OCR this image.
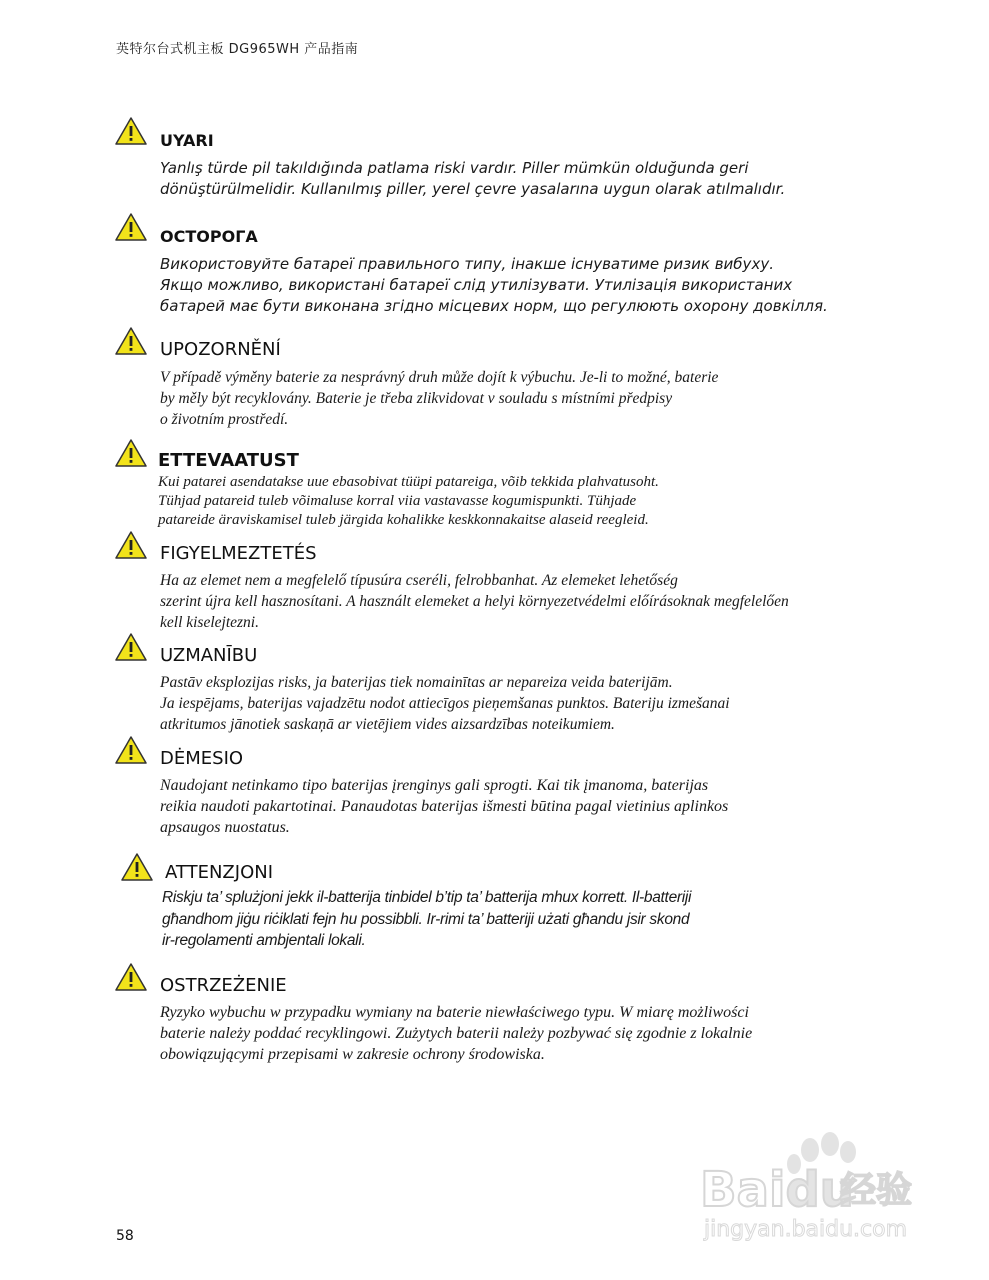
英特尔台式机主板 DG965WH 产品指南
UYARI
Yanlış türde pil takıldığında patlama riski vardır. Piller mümkün olduğunda geri
dönüştürülmelidir. Kullanılmış piller, yerel çevre yasalarına uygun olarak atılmalıdır.
ОСТОРОГА
Використовуйте батареї правильного типу, інакше існуватиме ризик вибуху.
Якщо можливо, використані батареї слід утилізувати. Утилізація використаних
батарей має бути виконана згідно місцевих норм, що регулюють охорону довкілля.
UPOZORNĚNÍ
V případě výměny baterie za nesprávný druh může dojít k výbuchu. Je-li to možné, baterie
by měly být recyklovány. Baterie je třeba zlikvidovat v souladu s místními předpisy
o životním prostředí.
ETTEVAATUST
Kui patarei asendatakse uue ebasobivat tüüpi patareiga, võib tekkida plahvatusoht.
Tühjad patareid tuleb võimaluse korral viia vastavasse kogumispunkti. Tühjade
patareide äraviskamisel tuleb järgida kohalikke keskkonnakaitse alaseid reegleid.
FIGYELMEZTETÉS
Ha az elemet nem a megfelelő típusúra cseréli, felrobbanhat. Az elemeket lehetőség
szerint újra kell hasznosítani. A használt elemeket a helyi környezetvédelmi előírásoknak megfelelően
kell kiselejtezni.
UZMANĪBU
Pastāv eksplozijas risks, ja baterijas tiek nomainītas ar nepareiza veida baterijām.
Ja iespējams, baterijas vajadzētu nodot attiecīgos pieņemšanas punktos. Bateriju izmešanai
atkritumos jānotiek saskaņā ar vietējiem vides aizsardzības noteikumiem.
DĖMESIO
Naudojant netinkamo tipo baterijas įrenginys gali sprogti. Kai tik įmanoma, baterijas
reikia naudoti pakartotinai. Panaudotas baterijas išmesti būtina pagal vietinius aplinkos
apsaugos nuostatus.
ATTENZJONI
Riskju ta’ splużjoni jekk il-batterija tinbidel b’tip ta’ batterija mhux korrett. Il-batteriji
għandhom jiġu riċiklati fejn hu possibbli. Ir-rimi ta’ batteriji użati għandu jsir skond
ir-regolamenti ambjentali lokali.
OSTRZEŻENIE
Ryzyko wybuchu w przypadku wymiany na baterie niewłaściwego typu. W miarę możliwości
baterie należy poddać recyklingowi. Zużytych baterii należy pozbywać się zgodnie z lokalnie
obowiązującymi przepisami w zakresie ochrony środowiska.
58
Baidu
经验
jingyan.baidu.com
